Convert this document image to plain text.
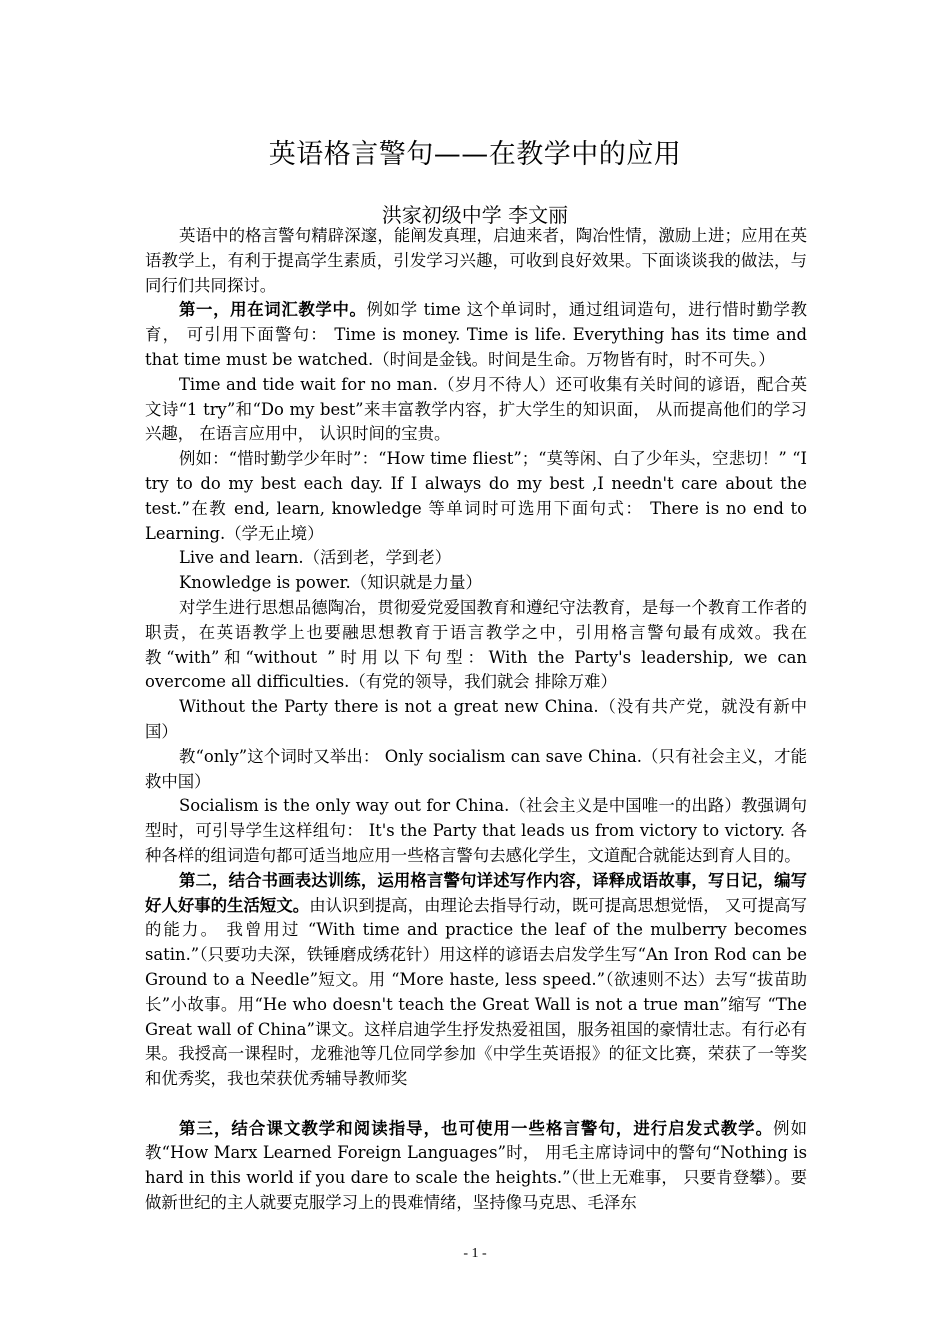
英语格言警句——在教学中的应用
洪家初级中学 李文丽

英语中的格言警句精辟深邃，能阐发真理，启迪来者，陶冶性情，激励上进；应用在英语教学上，有利于提高学生素质，引发学习兴趣，可收到良好效果。下面谈谈我的做法，与同行们共同探讨。

第一，用在词汇教学中。例如学 time 这个单词时，通过组词造句，进行惜时勤学教育， 可引用下面警句： Time is money. Time is life. Everything has its time and that time must be watched.（时间是金钱。时间是生命。万物皆有时，时不可失。）

Time and tide wait for no man.（岁月不待人）还可收集有关时间的谚语，配合英文诗“1 try”和“Do my best”来丰富教学内容，扩大学生的知识面， 从而提高他们的学习兴趣， 在语言应用中， 认识时间的宝贵。

例如：“惜时勤学少年时”：“How time fliest”；“莫等闲、白了少年头，空悲切！” “I try to do my best each day. If I always do my best ,I needn't care about the test.”在教 end, learn, knowledge 等单词时可选用下面句式： There is no end to Learning.（学无止境）

Live and learn.（活到老，学到老）

Knowledge is power.（知识就是力量）

对学生进行思想品德陶冶，贯彻爱党爱国教育和遵纪守法教育，是每一个教育工作者的职责，在英语教学上也要融思想教育于语言教学之中，引用格言警句最有成效。我在教“with”和“without ”时用以下句型：With the Party's leadership, we can overcome all difficulties.（有党的领导，我们就会 排除万难）

Without the Party there is not a great new China.（没有共产党，就没有新中国）

教“only”这个词时又举出： Only socialism can save China.（只有社会主义，才能救中国）

Socialism is the only way out for China.（社会主义是中国唯一的出路）教强调句型时，可引导学生这样组句： It's the Party that leads us from victory to victory. 各种各样的组词造句都可适当地应用一些格言警句去感化学生，文道配合就能达到育人目的。

第二，结合书画表达训练，运用格言警句详述写作内容，译释成语故事，写日记，编写好人好事的生活短文。由认识到提高，由理论去指导行动，既可提高思想觉悟， 又可提高写的能力。 我曾用过 “With time and practice the leaf of the mulberry becomes satin.”（只要功夫深，铁锤磨成绣花针）用这样的谚语去启发学生写“An Iron Rod can be Ground to a Needle”短文。用 “More haste, less speed.”（欲速则不达）去写“拔苗助长”小故事。用“He who doesn't teach the Great Wall is not a true man”缩写 “The Great wall of China”课文。这样启迪学生抒发热爱祖国，服务祖国的豪情壮志。有行必有果。我授高一课程时，龙雅池等几位同学参加《中学生英语报》的征文比赛，荣获了一等奖和优秀奖，我也荣获优秀辅导教师奖

第三，结合课文教学和阅读指导，也可使用一些格言警句，进行启发式教学。例如教“How Marx Learned Foreign Languages”时， 用毛主席诗词中的警句“Nothing is hard in this world if you dare to scale the heights.”（世上无难事， 只要肯登攀）。要做新世纪的主人就要克服学习上的畏难情绪，坚持像马克思、毛泽东

- 1 -
